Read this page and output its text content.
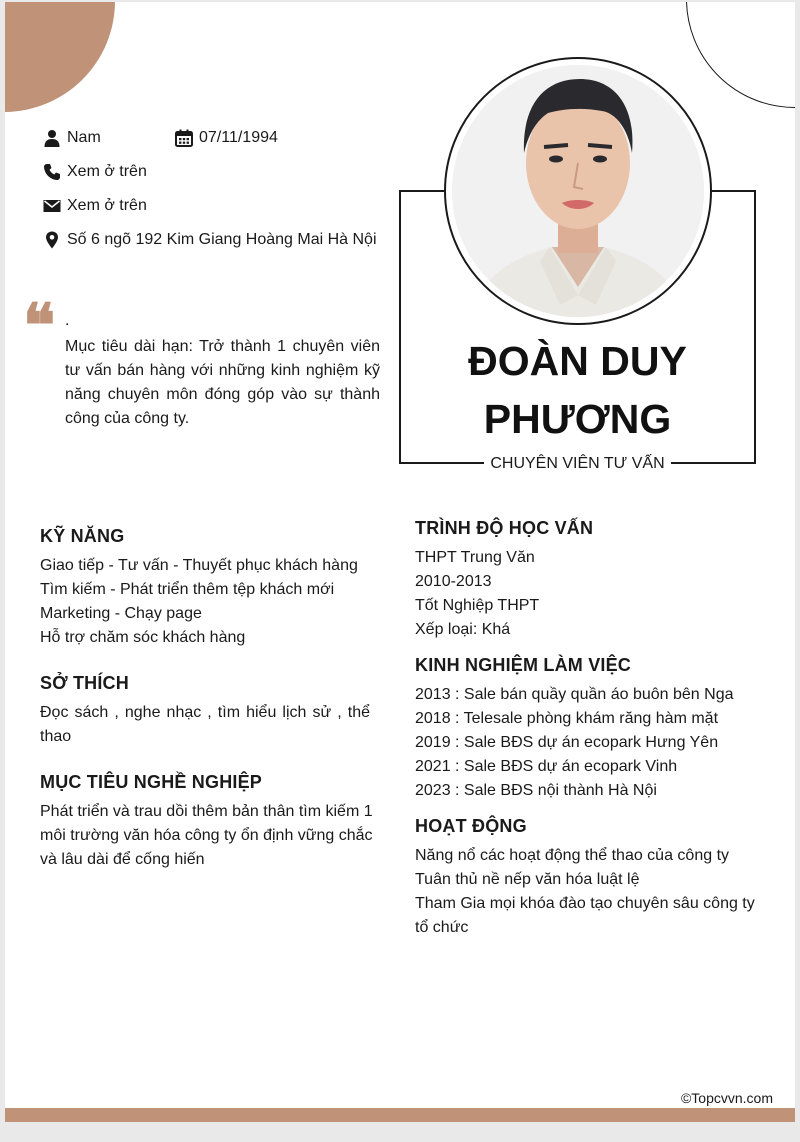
Nam	07/11/1994
Xem ở trên
Xem ở trên
Số 6 ngõ 192 Kim Giang Hoàng Mai Hà Nội
❝ .
Mục tiêu dài hạn: Trở thành 1 chuyên viên tư vấn bán hàng với những kinh nghiệm kỹ năng chuyên môn đóng góp vào sự thành công của công ty.
ĐOÀN DUY
PHƯƠNG
CHUYÊN VIÊN TƯ VẤN
KỸ NĂNG
Giao tiếp - Tư vấn - Thuyết phục khách hàng
Tìm kiếm - Phát triển thêm tệp khách mới
Marketing - Chạy page
Hỗ trợ chăm sóc khách hàng
SỞ THÍCH
Đọc sách , nghe nhạc , tìm hiểu lịch sử , thể thao
MỤC TIÊU NGHỀ NGHIỆP
Phát triển và trau dồi thêm bản thân tìm kiếm 1 môi trường văn hóa công ty ổn định vững chắc và lâu dài để cống hiến
TRÌNH ĐỘ HỌC VẤN
THPT Trung Văn
2010-2013
Tốt Nghiệp THPT
Xếp loại: Khá
KINH NGHIỆM LÀM VIỆC
2013 : Sale bán quầy quần áo buôn bên Nga
2018 : Telesale phòng khám răng hàm mặt
2019 : Sale BĐS dự án ecopark Hưng Yên
2021 : Sale BĐS dự án ecopark Vinh
2023 : Sale BĐS nội thành Hà Nội
HOẠT ĐỘNG
Năng nổ các hoạt động thể thao của công ty
Tuân thủ nề nếp văn hóa luật lệ
Tham Gia mọi khóa đào tạo chuyên sâu công ty tổ chức
©Topcvvn.com
